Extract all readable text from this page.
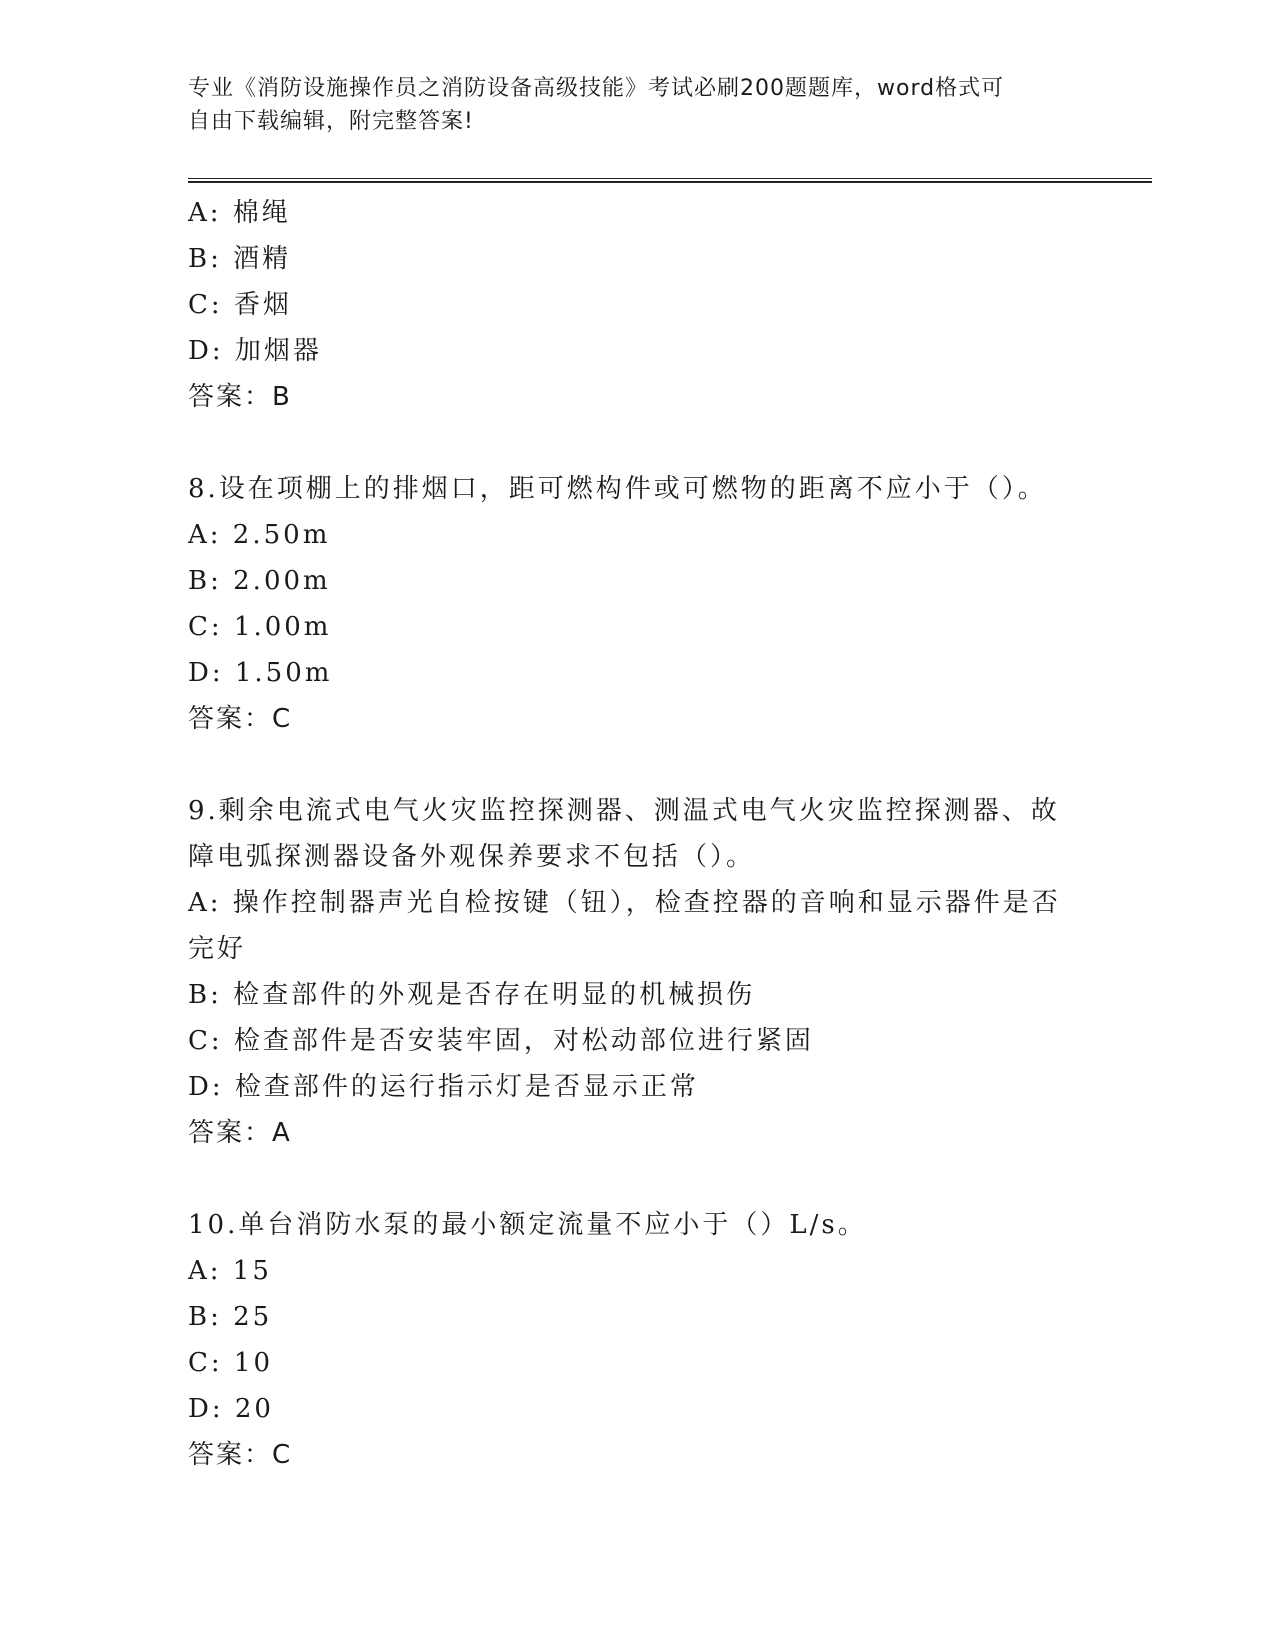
专业《消防设施操作员之消防设备高级技能》考试必刷200题题库，word格式可
自由下载编辑，附完整答案!
A: 棉绳
B: 酒精
C: 香烟
D: 加烟器
答案：B
8.设在项棚上的排烟口，距可燃构件或可燃物的距离不应小于（）。
A: 2.50m
B: 2.00m
C: 1.00m
D: 1.50m
答案：C
9.剩余电流式电气火灾监控探测器、测温式电气火灾监控探测器、故
障电弧探测器设备外观保养要求不包括（）。
A: 操作控制器声光自检按键（钮），检查控器的音响和显示器件是否
完好
B: 检查部件的外观是否存在明显的机械损伤
C: 检查部件是否安装牢固，对松动部位进行紧固
D: 检查部件的运行指示灯是否显示正常
答案：A
10.单台消防水泵的最小额定流量不应小于（）L/s。
A: 15
B: 25
C: 10
D: 20
答案：C
